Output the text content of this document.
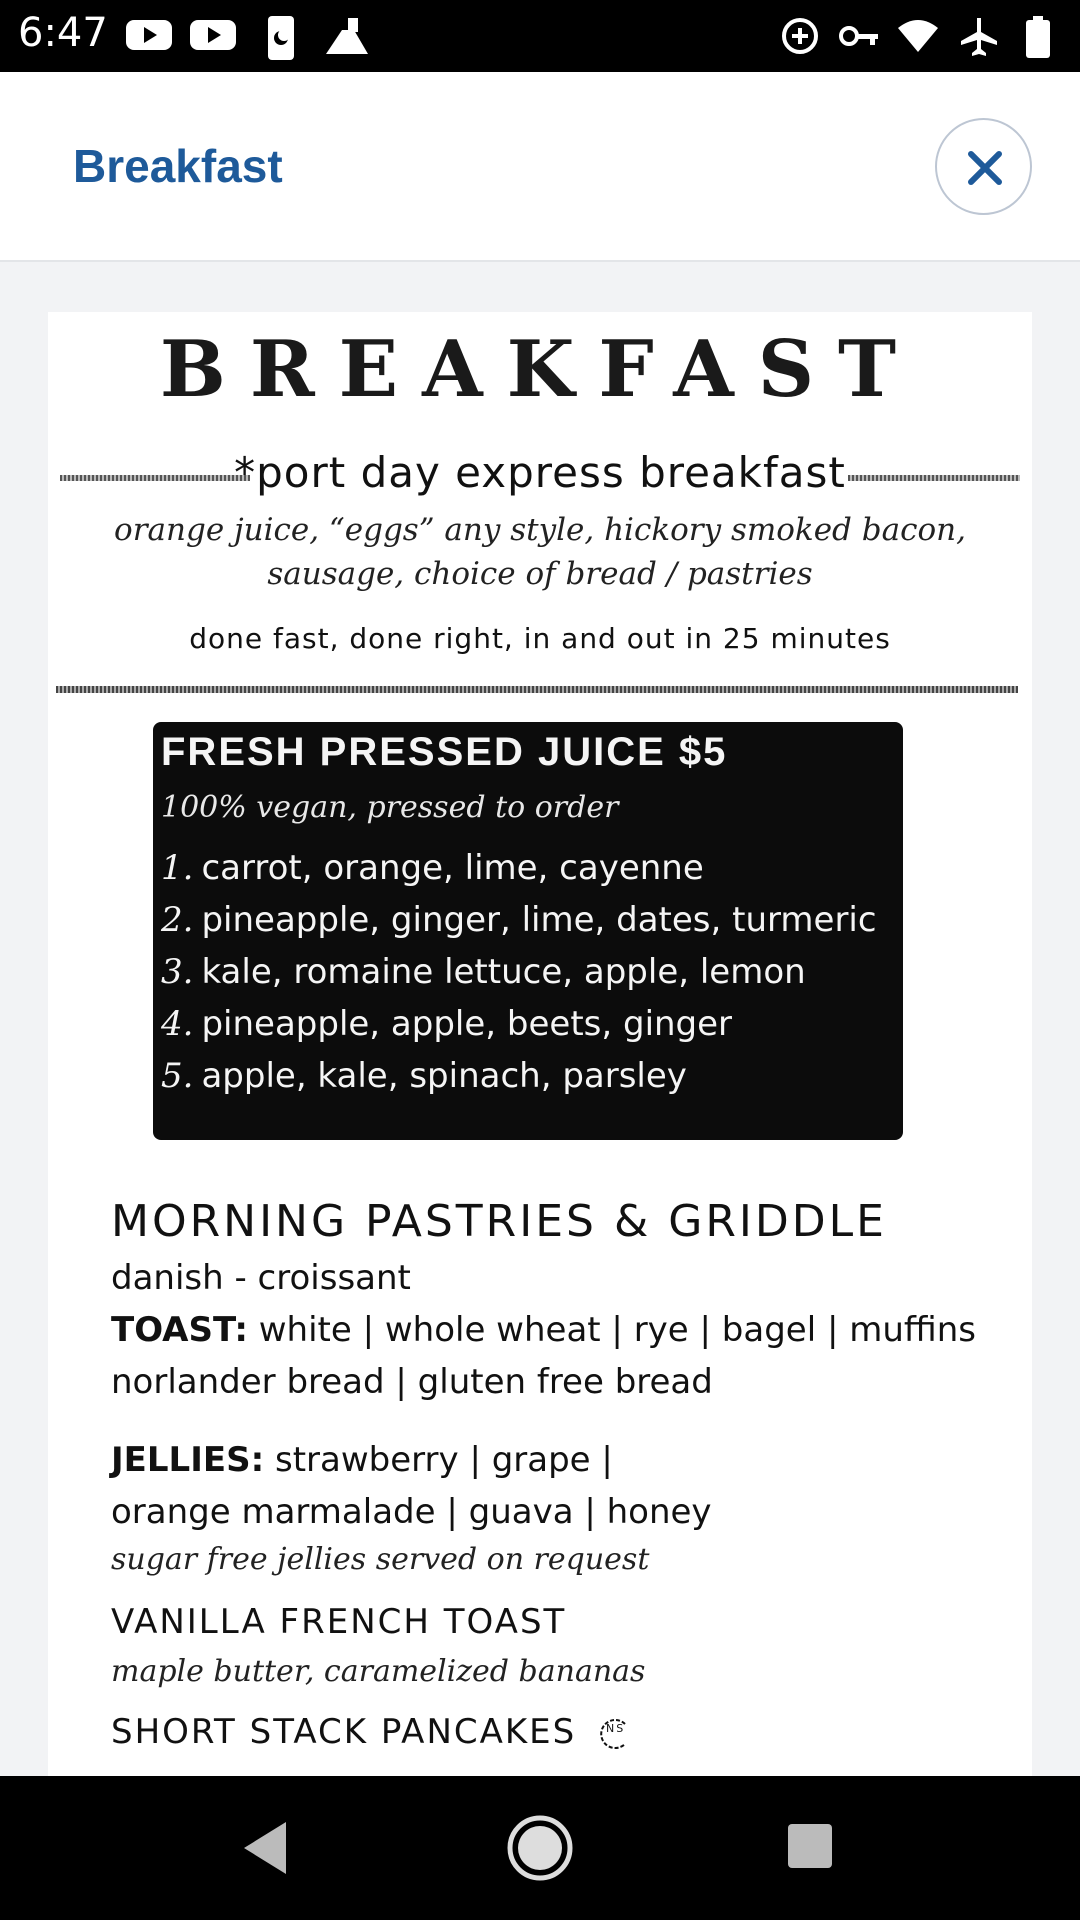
6:47
Breakfast
BREAKFAST
*port day express breakfast
orange juice, “eggs” any style, hickory smoked bacon,
sausage, choice of bread / pastries
done fast, done right, in and out in 25 minutes
FRESH PRESSED JUICE $5
100% vegan, pressed to order
1. carrot, orange, lime, cayenne
2. pineapple, ginger, lime, dates, turmeric
3. kale, romaine lettuce, apple, lemon
4. pineapple, apple, beets, ginger
5. apple, kale, spinach, parsley
MORNING PASTRIES & GRIDDLE
danish - croissant
TOAST: white | whole wheat | rye | bagel | muffins
norlander bread | gluten free bread
JELLIES: strawberry | grape |
orange marmalade | guava | honey
sugar free jellies served on request
VANILLA FRENCH TOAST
maple butter, caramelized bananas
SHORT STACK PANCAKES	NS
